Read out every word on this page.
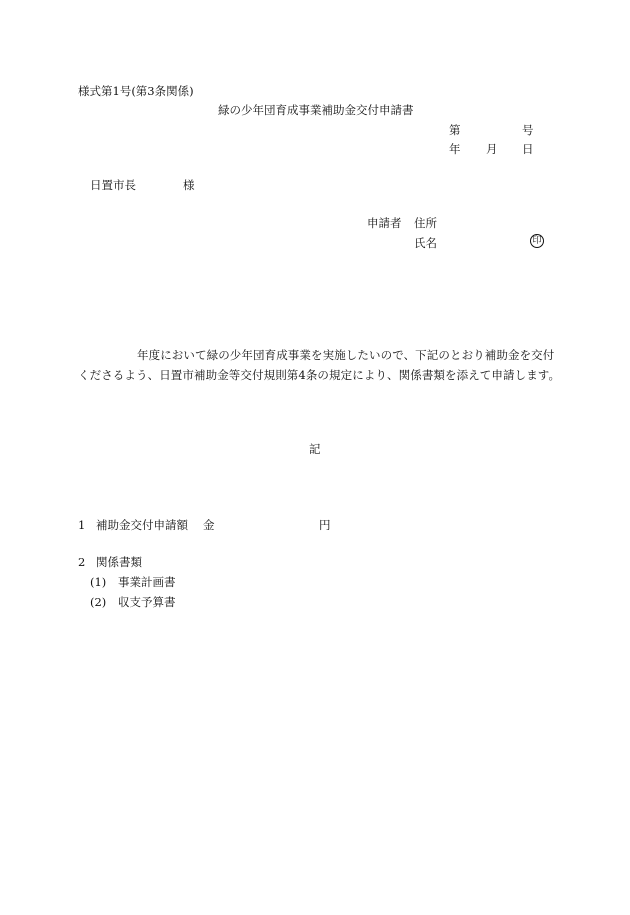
様式第1号(第3条関係)
緑の少年団育成事業補助金交付申請書
第	号
年 月 日
日置市長	様
申請者 住所
氏名	印
年度において緑の少年団育成事業を実施したいので、下記のとおり補助金を交付
くださるよう、日置市補助金等交付規則第4条の規定により、関係書類を添えて申請します。
記
1 補助金交付申請額 金	円
2 関係書類
(1) 事業計画書
(2) 収支予算書
